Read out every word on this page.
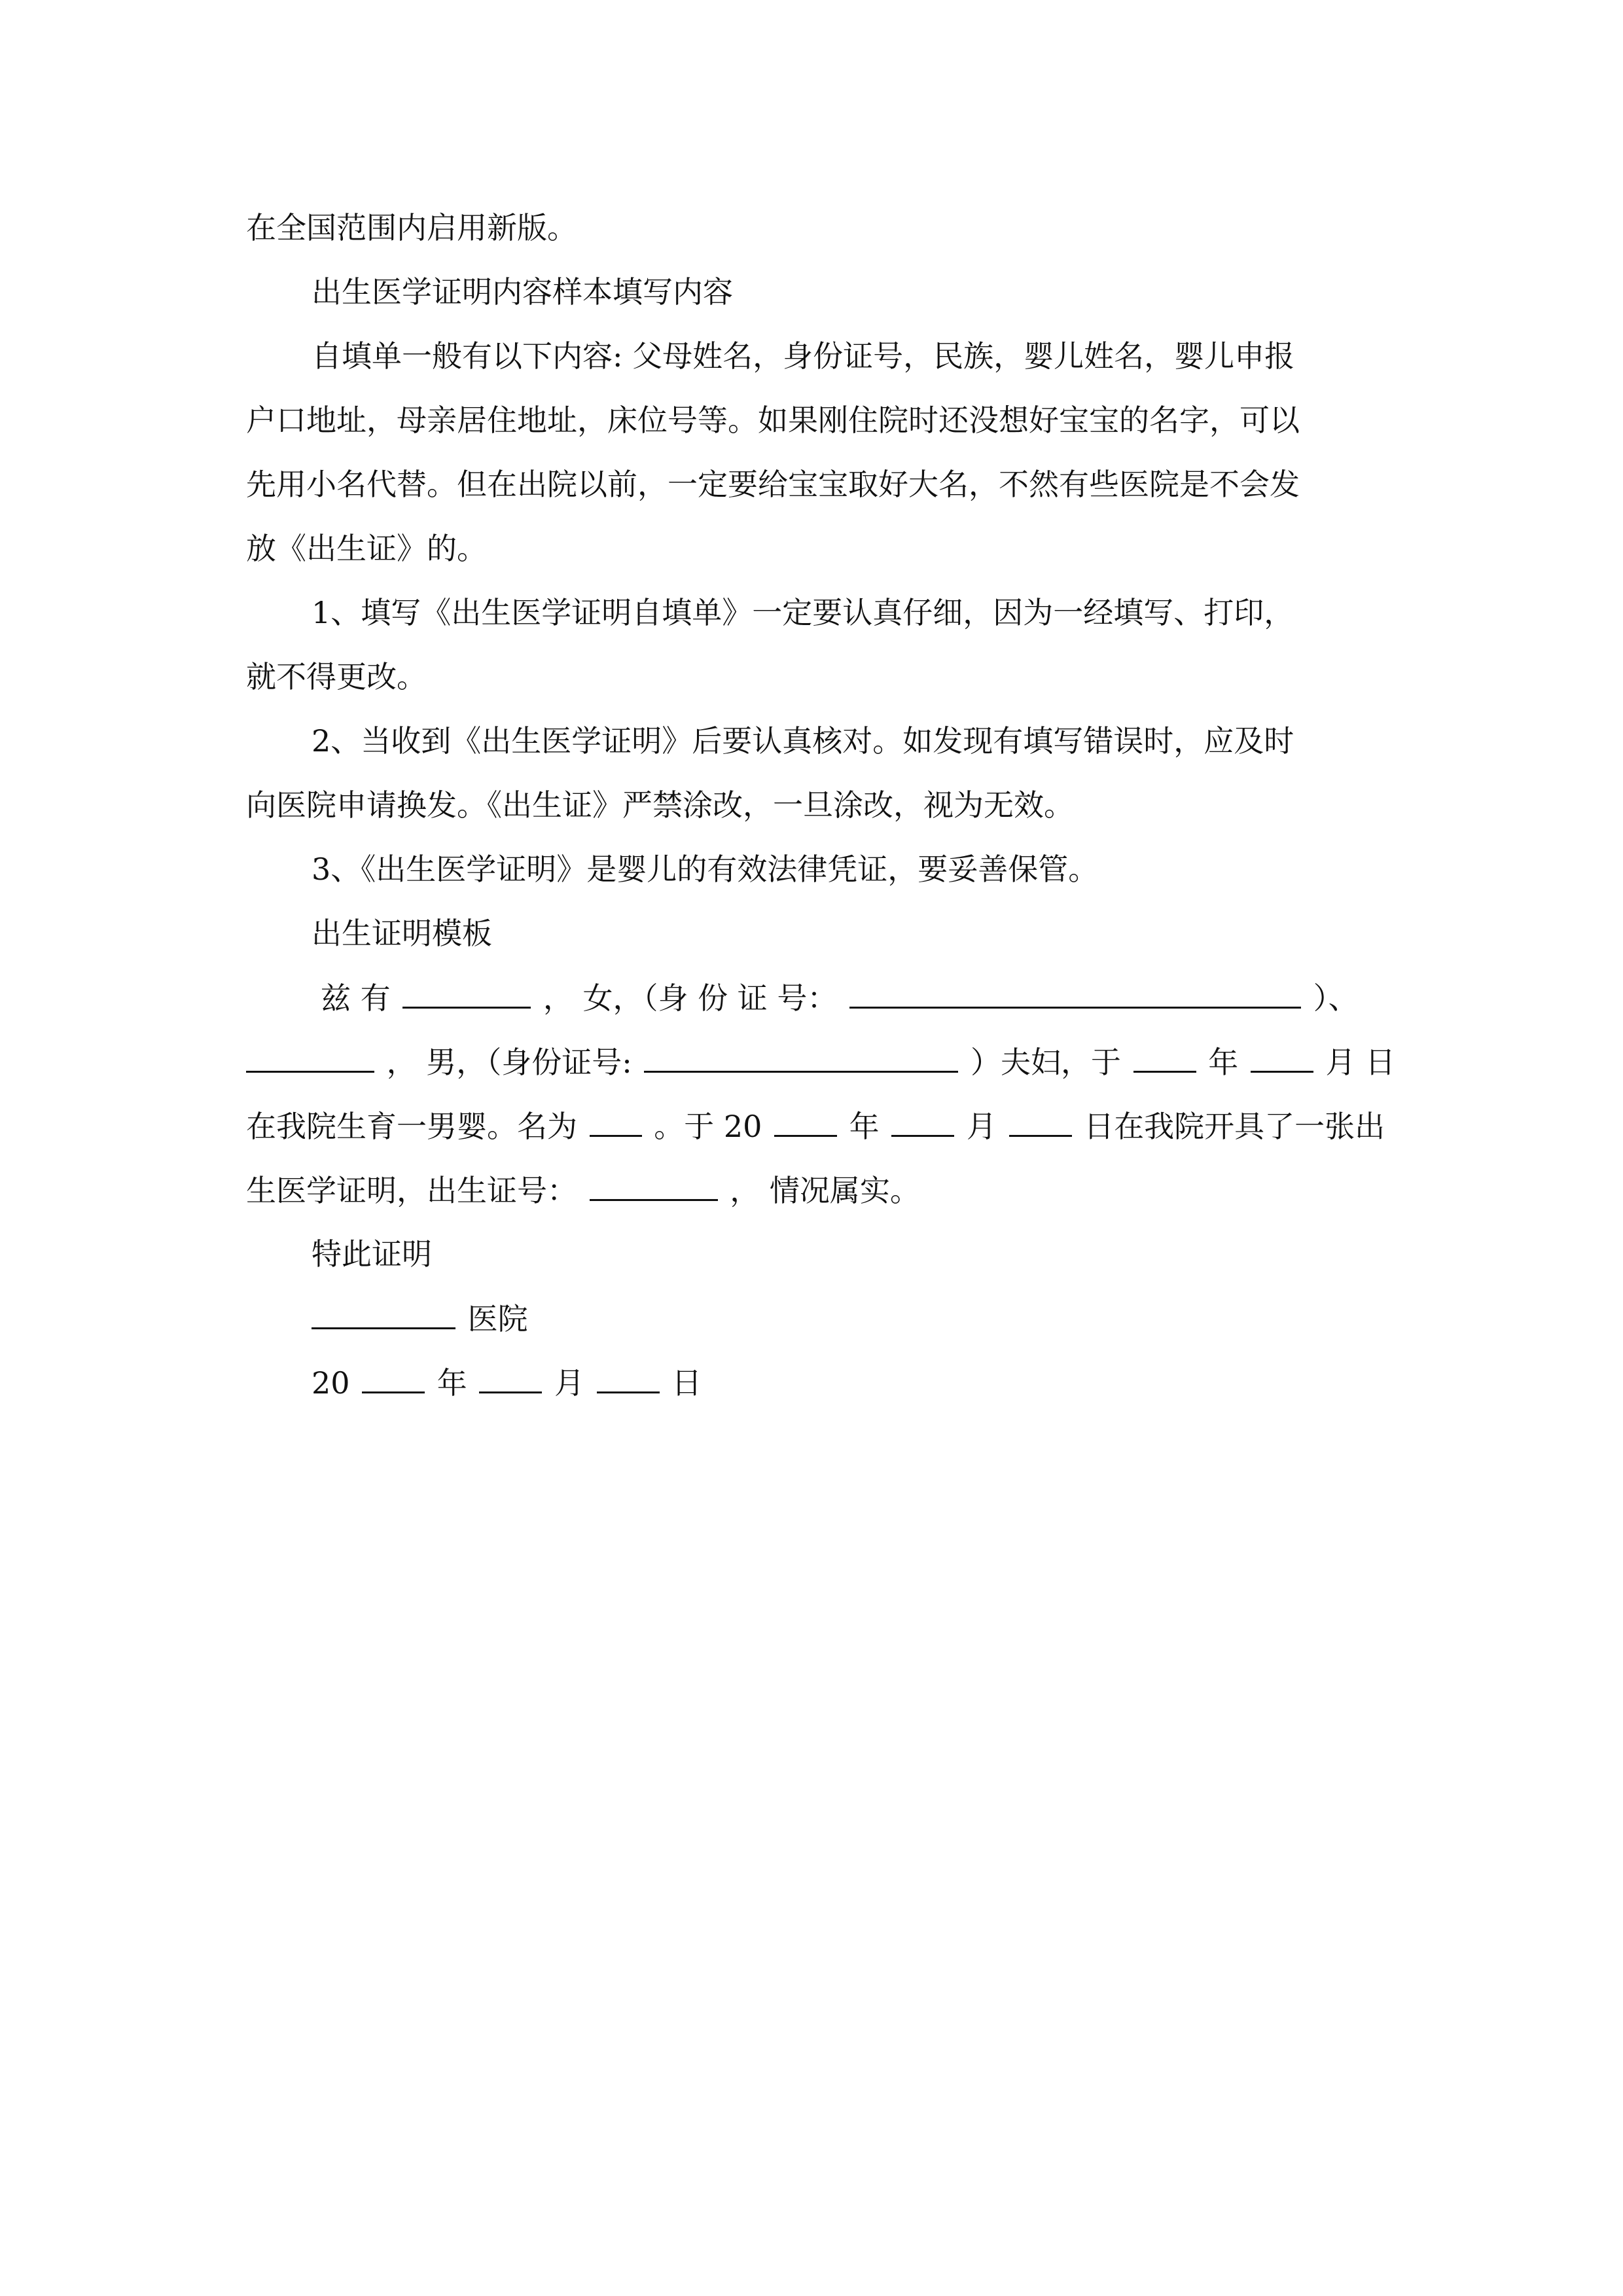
在全国范围内启用新版。
出生医学证明内容样本填写内容
自填单一般有以下内容: 父母姓名，身份证号，民族，婴儿姓名，婴儿申报
户口地址，母亲居住地址，床位号等。如果刚住院时还没想好宝宝的名字，可以
先用小名代替。但在出院以前，一定要给宝宝取好大名，不然有些医院是不会发
放《出生证》的。
1、填写《出生医学证明自填单》一定要认真仔细，因为一经填写、打印，
就不得更改。
2、当收到《出生医学证明》后要认真核对。如发现有填写错误时，应及时
向医院申请换发。《出生证》严禁涂改，一旦涂改，视为无效。
3、《出生医学证明》是婴儿的有效法律凭证，要妥善保管。
出生证明模板
兹 有	， 女，（身 份 证 号：	）、
， 男，（身份证号:	）夫妇，于	年	月 日
在我院生育一男婴。名为	。于 20	年	月	日在我院开具了一张出
生医学证明，出生证号：	， 情况属实。
特此证明
医院
20	年	月	日
